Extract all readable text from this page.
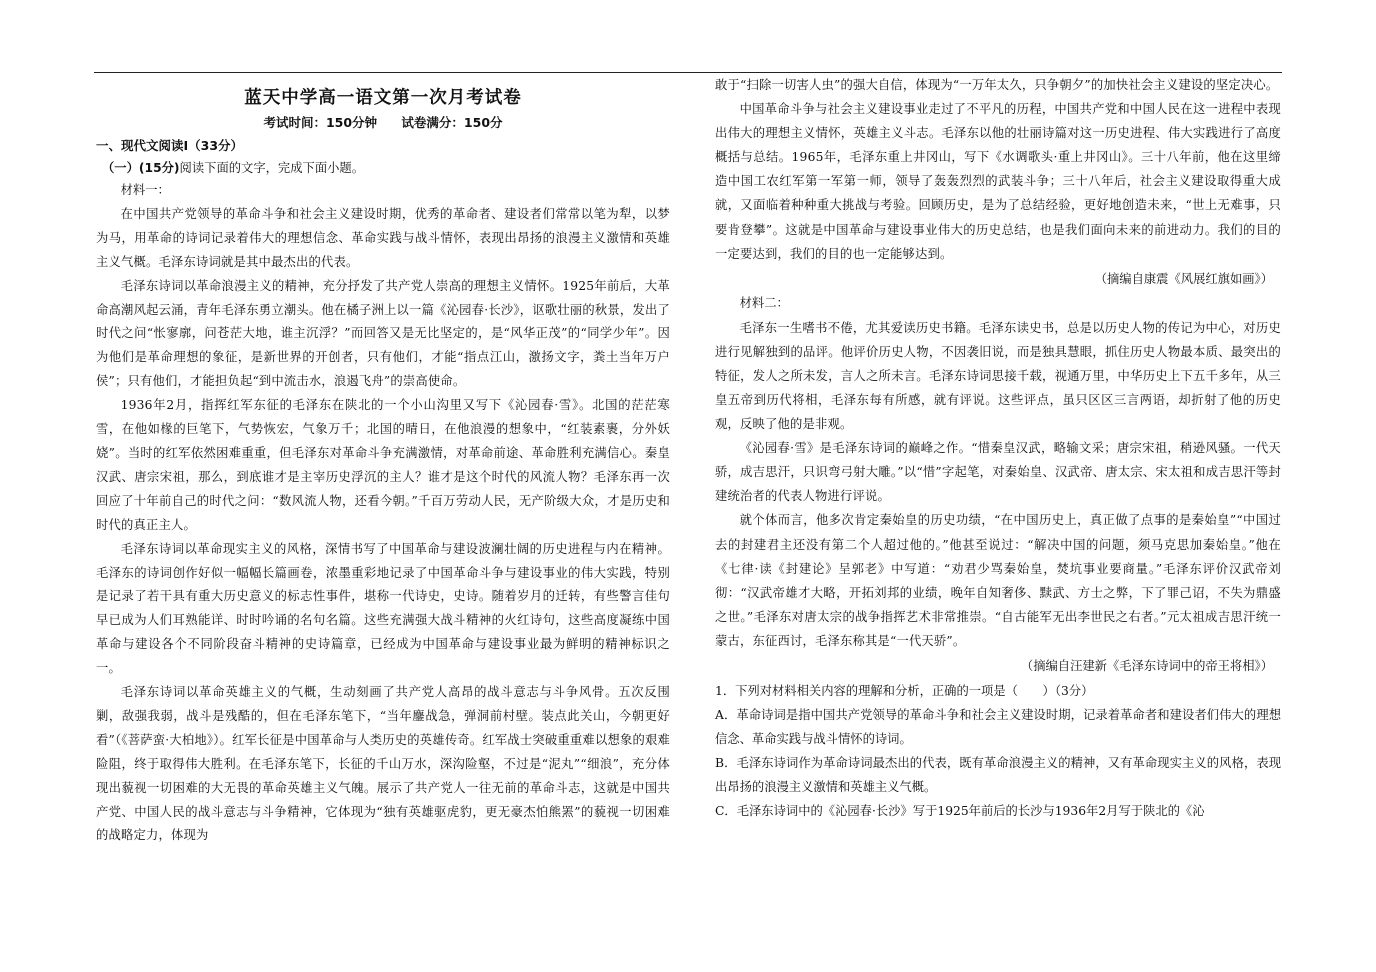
蓝天中学高一语文第一次月考试卷
考试时间：150分钟 试卷满分：150分

一、现代文阅读Ⅰ（33分）

（一）(15分)阅读下面的文字，完成下面小题。

材料一：

在中国共产党领导的革命斗争和社会主义建设时期，优秀的革命者、建设者们常常以笔为犁，以梦为马，用革命的诗词记录着伟大的理想信念、革命实践与战斗情怀，表现出昂扬的浪漫主义激情和英雄主义气概。毛泽东诗词就是其中最杰出的代表。

毛泽东诗词以革命浪漫主义的精神，充分抒发了共产党人崇高的理想主义情怀。1925年前后，大革命高潮风起云涌，青年毛泽东勇立潮头。他在橘子洲上以一篇《沁园春·长沙》，讴歌壮丽的秋景，发出了时代之问“怅寥廓，问苍茫大地，谁主沉浮？”而回答又是无比坚定的，是“风华正茂”的“同学少年”。因为他们是革命理想的象征，是新世界的开创者，只有他们，才能“指点江山，激扬文字，粪土当年万户侯”；只有他们，才能担负起“到中流击水，浪遏飞舟”的崇高使命。

1936年2月，指挥红军东征的毛泽东在陕北的一个小山沟里又写下《沁园春·雪》。北国的茫茫寒雪，在他如椽的巨笔下，气势恢宏，气象万千；北国的晴日，在他浪漫的想象中，“红装素裹，分外妖娆”。当时的红军依然困难重重，但毛泽东对革命斗争充满激情，对革命前途、革命胜利充满信心。秦皇汉武、唐宗宋祖，那么，到底谁才是主宰历史浮沉的主人？谁才是这个时代的风流人物？毛泽东再一次回应了十年前自己的时代之问：“数风流人物，还看今朝。”千百万劳动人民，无产阶级大众，才是历史和时代的真正主人。

毛泽东诗词以革命现实主义的风格，深情书写了中国革命与建设波澜壮阔的历史进程与内在精神。毛泽东的诗词创作好似一幅幅长篇画卷，浓墨重彩地记录了中国革命斗争与建设事业的伟大实践，特别是记录了若干具有重大历史意义的标志性事件，堪称一代诗史，史诗。随着岁月的迁转，有些警言佳句早已成为人们耳熟能详、时时吟诵的名句名篇。这些充满强大战斗精神的火红诗句，这些高度凝练中国革命与建设各个不同阶段奋斗精神的史诗篇章，已经成为中国革命与建设事业最为鲜明的精神标识之一。

毛泽东诗词以革命英雄主义的气概，生动刻画了共产党人高昂的战斗意志与斗争风骨。五次反围剿，敌强我弱，战斗是残酷的，但在毛泽东笔下，“当年鏖战急，弹洞前村壁。装点此关山，今朝更好看”（《菩萨蛮·大柏地》）。红军长征是中国革命与人类历史的英雄传奇。红军战士突破重重难以想象的艰难险阻，终于取得伟大胜利。在毛泽东笔下，长征的千山万水，深沟险壑，不过是“泥丸”“细浪”，充分体现出藐视一切困难的大无畏的革命英雄主义气魄。展示了共产党人一往无前的革命斗志，这就是中国共产党、中国人民的战斗意志与斗争精神，它体现为“独有英雄驱虎豹，更无豪杰怕熊罴”的藐视一切困难的战略定力，体现为

敢于“扫除一切害人虫”的强大自信，体现为“一万年太久，只争朝夕”的加快社会主义建设的坚定决心。

中国革命斗争与社会主义建设事业走过了不平凡的历程，中国共产党和中国人民在这一进程中表现出伟大的理想主义情怀，英雄主义斗志。毛泽东以他的壮丽诗篇对这一历史进程、伟大实践进行了高度概括与总结。1965年，毛泽东重上井冈山，写下《水调歌头·重上井冈山》。三十八年前，他在这里缔造中国工农红军第一军第一师，领导了轰轰烈烈的武装斗争；三十八年后，社会主义建设取得重大成就，又面临着种种重大挑战与考验。回顾历史，是为了总结经验，更好地创造未来，“世上无难事，只要肯登攀”。这就是中国革命与建设事业伟大的历史总结，也是我们面向未来的前进动力。我们的目的一定要达到，我们的目的也一定能够达到。

（摘编自康震《风展红旗如画》）

材料二：

毛泽东一生嗜书不倦，尤其爱读历史书籍。毛泽东读史书，总是以历史人物的传记为中心，对历史进行见解独到的品评。他评价历史人物，不因袭旧说，而是独具慧眼，抓住历史人物最本质、最突出的特征，发人之所未发，言人之所未言。毛泽东诗词思接千载，视通万里，中华历史上下五千多年，从三皇五帝到历代将相，毛泽东每有所感，就有评说。这些评点，虽只区区三言两语，却折射了他的历史观，反映了他的是非观。

《沁园春·雪》是毛泽东诗词的巅峰之作。“惜秦皇汉武，略输文采；唐宗宋祖，稍逊风骚。一代天骄，成吉思汗，只识弯弓射大雕。”以“惜”字起笔，对秦始皇、汉武帝、唐太宗、宋太祖和成吉思汗等封建统治者的代表人物进行评说。

就个体而言，他多次肯定秦始皇的历史功绩，“在中国历史上，真正做了点事的是秦始皇”“中国过去的封建君主还没有第二个人超过他的。”他甚至说过：“解决中国的问题，须马克思加秦始皇。”他在《七律·读《封建论》呈郭老》中写道：“劝君少骂秦始皇，焚坑事业要商量。”毛泽东评价汉武帝刘彻：“汉武帝雄才大略，开拓刘邦的业绩，晚年自知奢侈、黩武、方士之弊，下了罪己诏，不失为鼎盛之世。”毛泽东对唐太宗的战争指挥艺术非常推崇。“自古能军无出李世民之右者。”元太祖成吉思汗统一蒙古，东征西讨，毛泽东称其是“一代天骄”。

（摘编自汪建新《毛泽东诗词中的帝王将相》）

1．下列对材料相关内容的理解和分析，正确的一项是（　　）（3分）

A．革命诗词是指中国共产党领导的革命斗争和社会主义建设时期，记录着革命者和建设者们伟大的理想信念、革命实践与战斗情怀的诗词。

B．毛泽东诗词作为革命诗词最杰出的代表，既有革命浪漫主义的精神，又有革命现实主义的风格，表现出昂扬的浪漫主义激情和英雄主义气概。

C．毛泽东诗词中的《沁园春·长沙》写于1925年前后的长沙与1936年2月写于陕北的《沁
